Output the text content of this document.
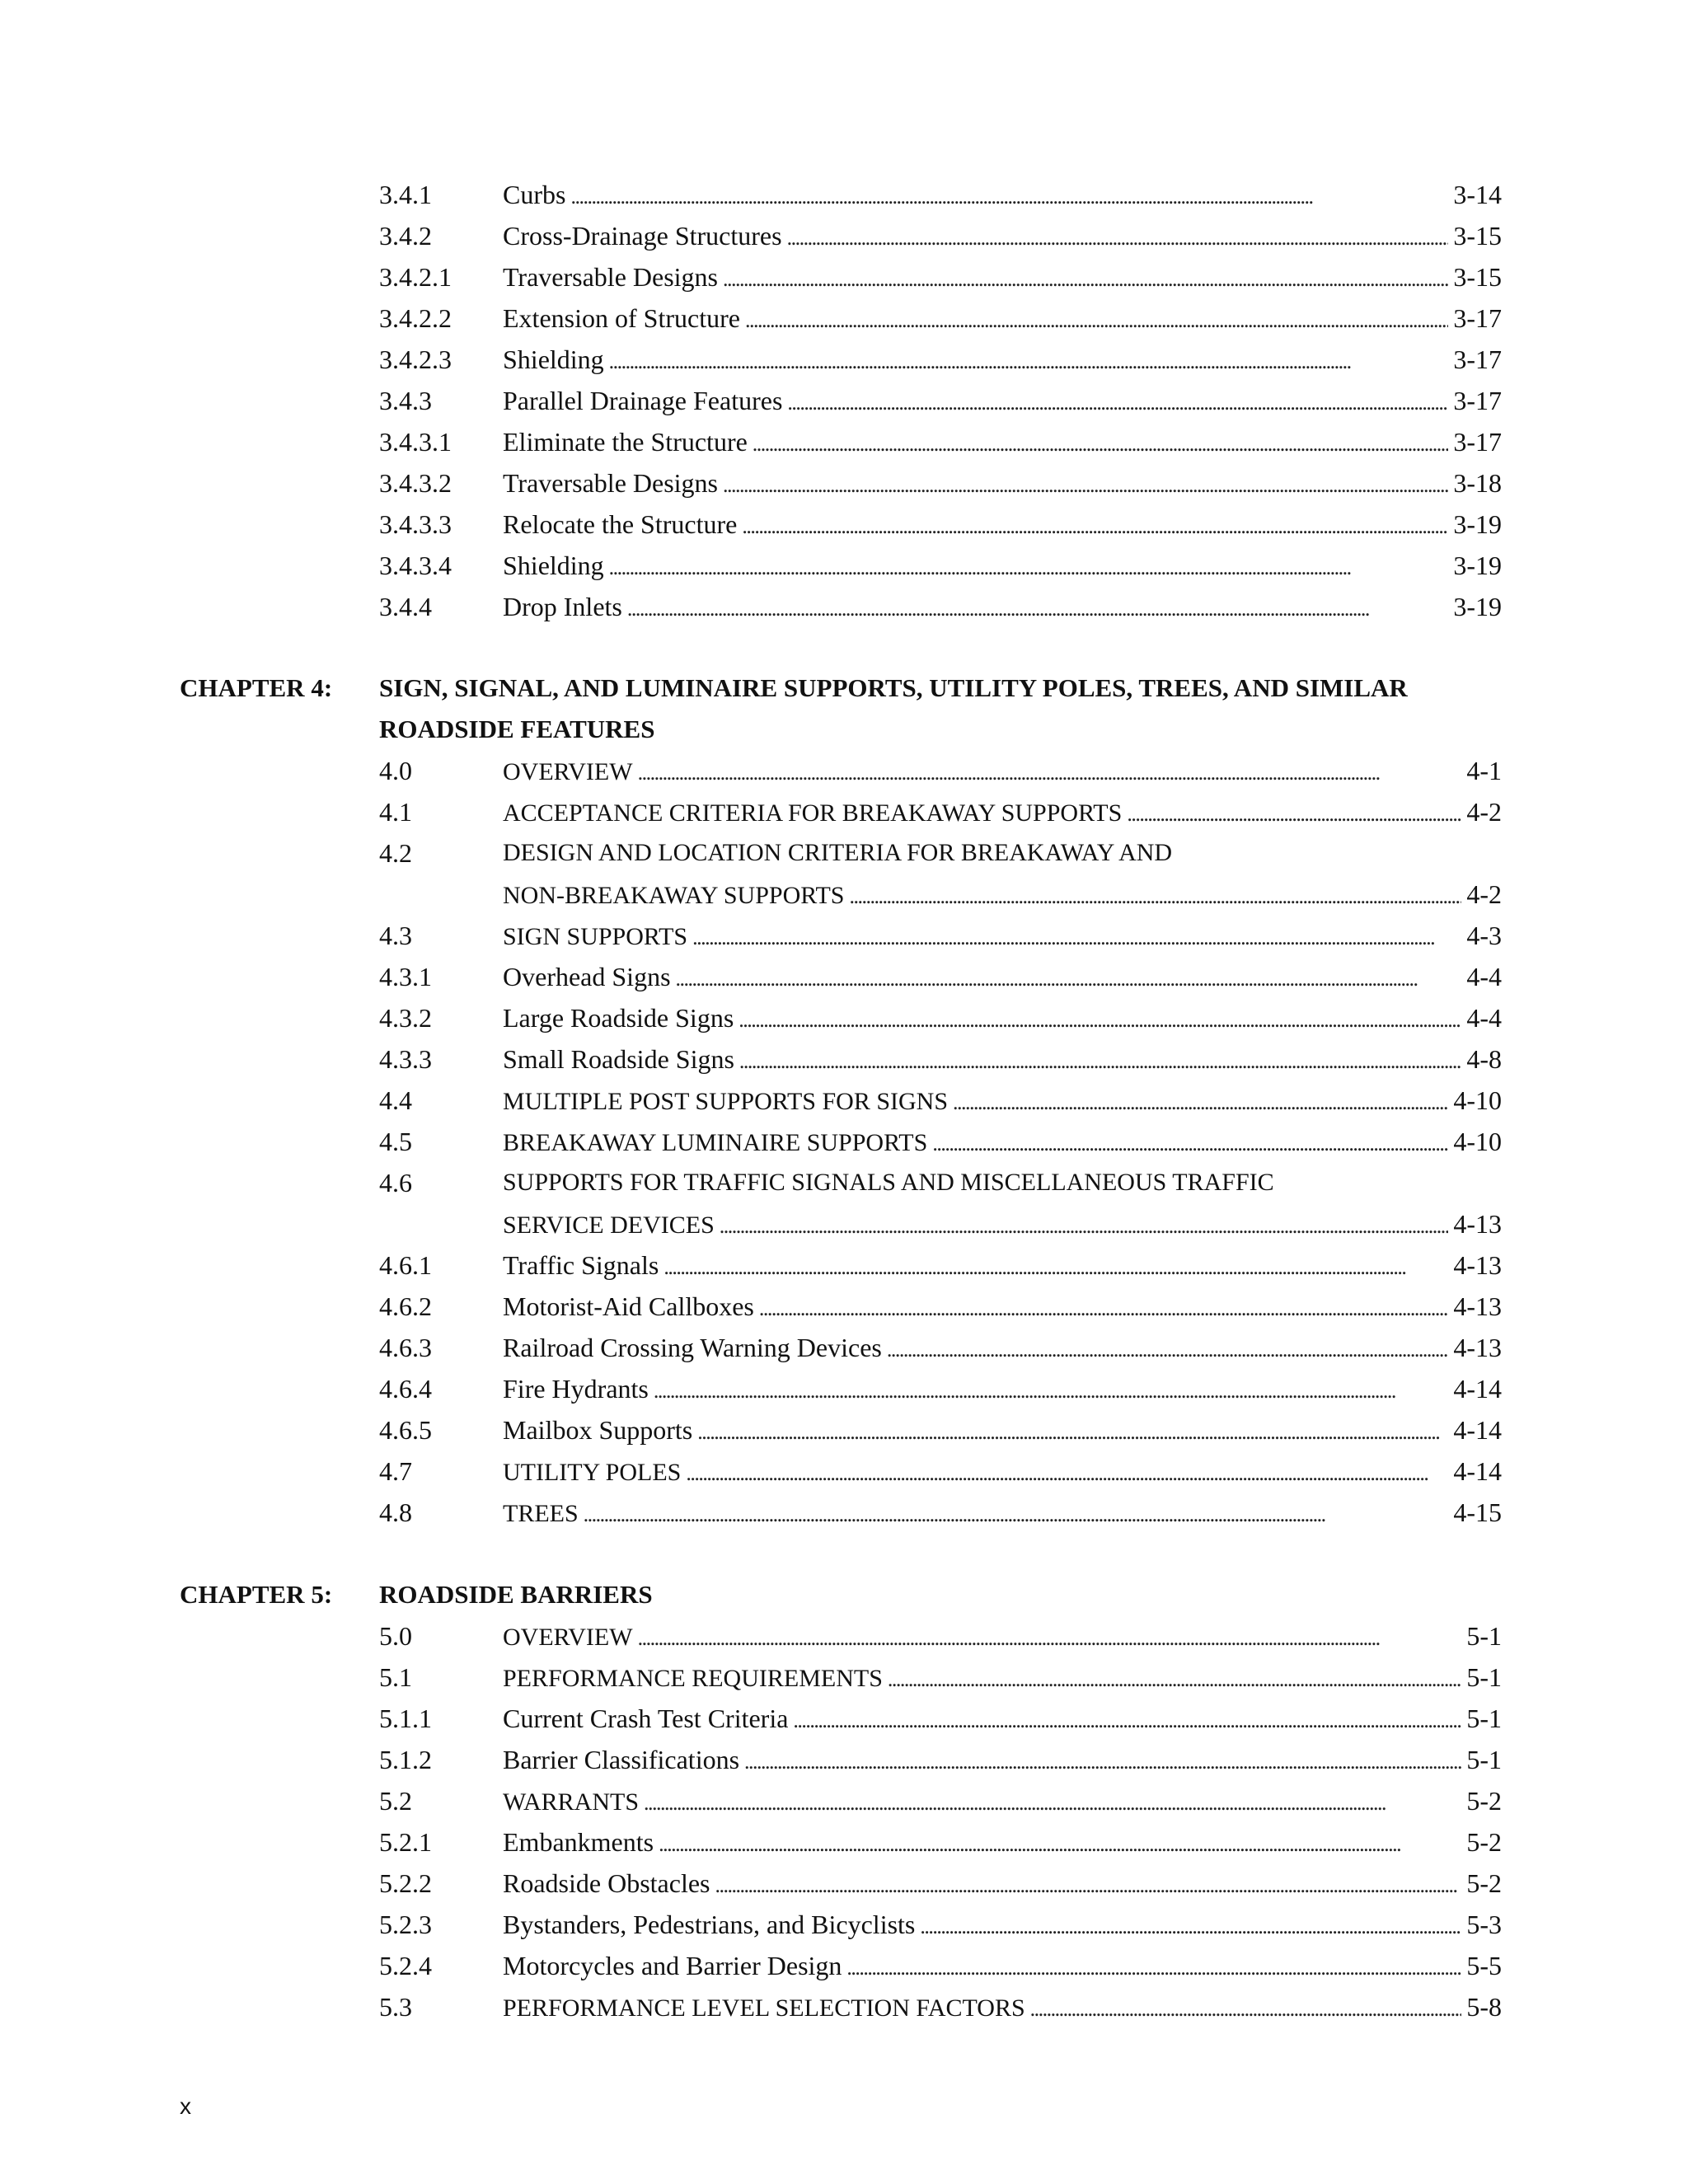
3.4.1	Curbs . . .	3-14
3.4.2	Cross-Drainage Structures . . .	3-15
3.4.2.1 Traversable Designs . . .	3-15
3.4.2.2 Extension of Structure . . .	3-17
3.4.2.3 Shielding . . .	3-17
3.4.3	Parallel Drainage Features . . .	3-17
3.4.3.1 Eliminate the Structure . . .	3-17
3.4.3.2 Traversable Designs . . .	3-18
3.4.3.3 Relocate the Structure . . .	3-19
3.4.3.4 Shielding . . .	3-19
3.4.4	Drop Inlets . . .	3-19
CHAPTER 4: SIGN, SIGNAL, AND LUMINAIRE SUPPORTS, UTILITY POLES, TREES, AND SIMILAR
ROADSIDE FEATURES
4.0	OVERVIEW . . .	4-1
4.1	ACCEPTANCE CRITERIA FOR BREAKAWAY SUPPORTS . . .	4-2
4.2	DESIGN AND LOCATION CRITERIA FOR BREAKAWAY AND
NON-BREAKAWAY SUPPORTS . . .	4-2
4.3	SIGN SUPPORTS . . .	4-3
4.3.1	Overhead Signs . . .	4-4
4.3.2	Large Roadside Signs . . .	4-4
4.3.3	Small Roadside Signs . . .	4-8
4.4	MULTIPLE POST SUPPORTS FOR SIGNS . . .	4-10
4.5	BREAKAWAY LUMINAIRE SUPPORTS . . .	4-10
4.6	SUPPORTS FOR TRAFFIC SIGNALS AND MISCELLANEOUS TRAFFIC
SERVICE DEVICES . . .	4-13
4.6.1	Traffic Signals . . .	4-13
4.6.2	Motorist-Aid Callboxes . . .	4-13
4.6.3	Railroad Crossing Warning Devices . . .	4-13
4.6.4	Fire Hydrants . . .	4-14
4.6.5	Mailbox Supports . . .	4-14
4.7	UTILITY POLES . . .	4-14
4.8	TREES . . .	4-15
CHAPTER 5: ROADSIDE BARRIERS
5.0	OVERVIEW . . .	5-1
5.1	PERFORMANCE REQUIREMENTS . . .	5-1
5.1.1	Current Crash Test Criteria . . .	5-1
5.1.2	Barrier Classifications . . .	5-1
5.2	WARRANTS . . .	5-2
5.2.1	Embankments . . .	5-2
5.2.2	Roadside Obstacles . . .	5-2
5.2.3	Bystanders, Pedestrians, and Bicyclists . . .	5-3
5.2.4	Motorcycles and Barrier Design . . .	5-5
5.3	PERFORMANCE LEVEL SELECTION FACTORS . . .	5-8
x
